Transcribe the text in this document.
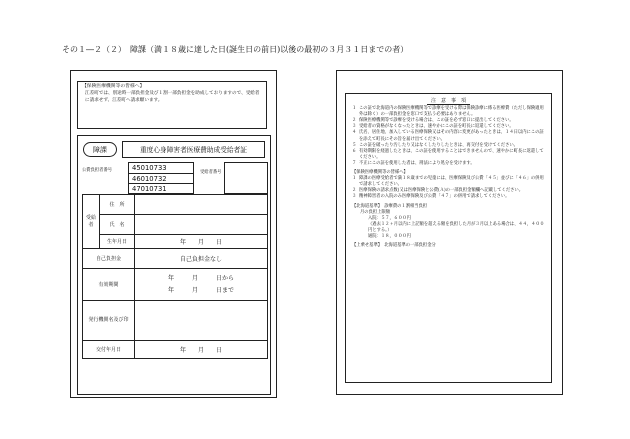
その１―２（２）　障課（満１８歳に達した日(誕生日の前日)以後の最初の３月３１日までの者）
【保険医療機関等の皆様へ】
江差町では、別途時一部負担金及び１割一部負担金を助成しておりますので、受給者に請求せず、江差町へ請求願います。
障課	重度心身障害者医療費助成受給者証
公費負担者番号	45010733
46010732
47010731
受給者番号
受給者	住　所	
	氏　名	
	生年月日	年　　月　　日
自己負担金		自己負担金なし
有効期間		年　　　月　　　日から
年　　　月　　　日まで

発行機関名及び印		
交付年月日		年　　月　　日
注　意　事　項
１ この証で北海道内の保険医療機関等で診療を受ける際は保険診療に係る医療費（ただし保険適用外は除く）の一部負担金を窓口で支払う必要はありません。
２ 保険医療機関等で診療を受ける場合は、この証を必ず窓口に提出してください。
３ 受給者の資格がなくなったときは、速やかにこの証を町長に返還してください。
４ 氏名、居住地、加入している医療保険又はその内容に変更があったときは、１４日以内にこの証を添えて町長にその旨を届け出てください。
５ この証を破ったり汚したり又はなくしたりしたときは、再交付を受けてください。
６ 有効期限を経過したときは、この証を使用することはできませんので、速やかに町長に返還してください。
７ 不正にこの証を使用した者は、刑法により処分を受けます。
【保険医療機関等の皆様へ】
１ 障課の医療受給者で満１８歳までの児童には、医療保険及び公費「４５」並びに「４６」の併用で請求してください。
２ 医療保険の請求点数(又は医療保険と公費(Ａ)の一部負担金額欄へ記載してください。
３ 精神障害者の入院のみ医療保険及び公費「４７」の併用で請求してください。
【北海道基準】　 診療費の１割相当負担
月の負担上限額
入院：５７，６００円
（過去１２ヶ月以内に上記額を超える額を負担した月が３月以上ある場合は、４４，４００円とする。）
通院：１８，０００円
【上乗せ基準】　 北海道基準の一部負担金分
